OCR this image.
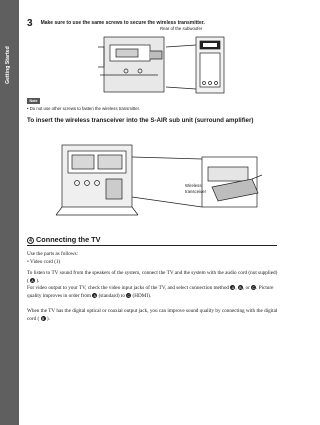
Getting Started
3 Make sure to use the same screws to secure the wireless transmitter.
Rear of the subwoofer
Note
• Do not use other screws to fasten the wireless transmitter.
To insert the wireless transceiver into the S-AIR sub unit (surround amplifier)
Wireless
transceiver
4 Connecting the TV
Use the parts as follows:
• Video cord (1)
To listen to TV sound from the speakers of the system, connect the TV and the system with the audio cord (not supplied) ( A ).
For video output to your TV, check the video input jacks of the TV, and select connection method A, B, or C. Picture quality improves in order from A (standard) to C (HDMI).
When the TV has the digital optical or coaxial output jack, you can improve sound quality by connecting with the digital cord ( B ).
